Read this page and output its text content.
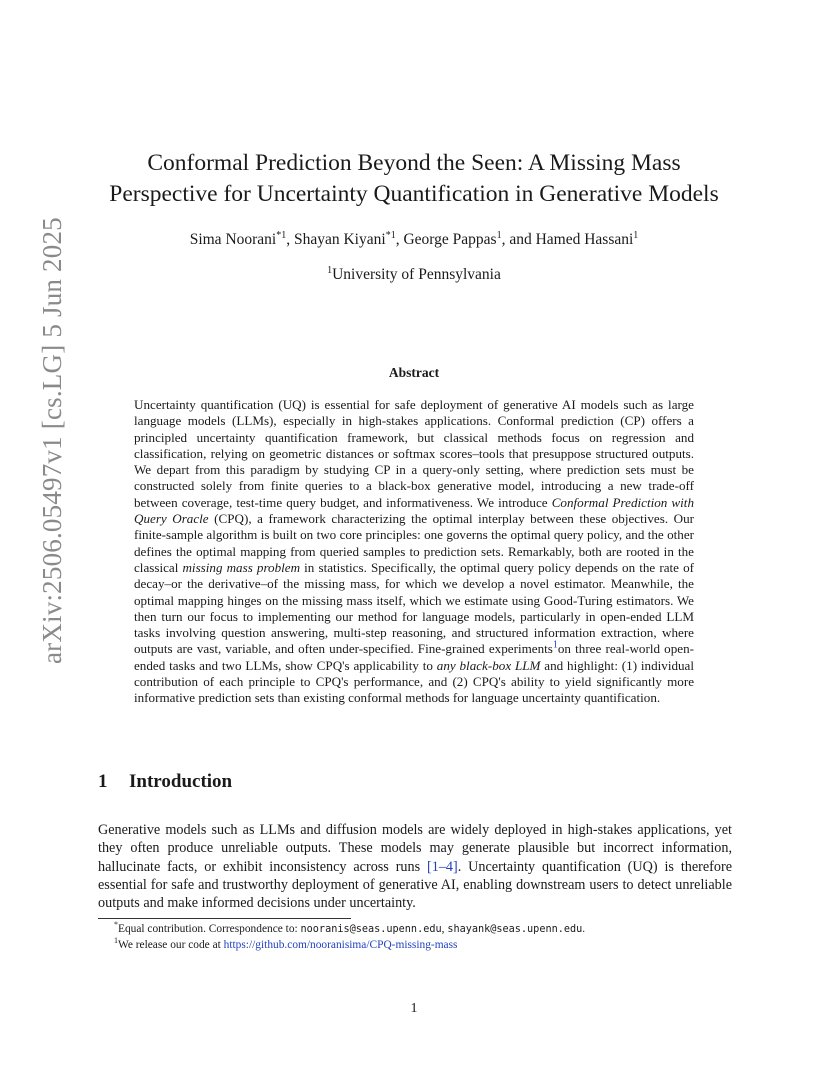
arXiv:2506.05497v1 [cs.LG] 5 Jun 2025
Conformal Prediction Beyond the Seen: A Missing Mass
Perspective for Uncertainty Quantification in Generative Models
Sima Noorani$^{*1}$, Shayan Kiyani$^{*1}$, George Pappas$^1$, and Hamed Hassani$^1$
$^1$University of Pennsylvania
Abstract
Uncertainty quantification (UQ) is essential for safe deployment of generative AI models such as large language models (LLMs), especially in high-stakes applications. Conformal prediction (CP) offers a principled uncertainty quantification framework, but classical methods focus on regression and classification, relying on geometric distances or softmax scores–tools that presuppose structured outputs. We depart from this paradigm by studying CP in a query-only setting, where prediction sets must be constructed solely from finite queries to a black-box generative model, introducing a new trade-off between coverage, test-time query budget, and informativeness. We introduce Conformal Prediction with Query Oracle (CPQ), a framework characterizing the optimal interplay between these objectives. Our finite-sample algorithm is built on two core principles: one governs the optimal query policy, and the other defines the optimal mapping from queried samples to prediction sets. Remarkably, both are rooted in the classical missing mass problem in statistics. Specifically, the optimal query policy depends on the rate of decay–or the derivative–of the missing mass, for which we develop a novel estimator. Meanwhile, the optimal mapping hinges on the missing mass itself, which we estimate using Good-Turing estimators. We then turn our focus to implementing our method for language models, particularly in open-ended LLM tasks involving question answering, multi-step reasoning, and structured information extraction, where outputs are vast, variable, and often under-specified. Fine-grained experiments$^1$on three real-world open-ended tasks and two LLMs, show CPQ's applicability to any black-box LLM and highlight: (1) individual contribution of each principle to CPQ's performance, and (2) CPQ's ability to yield significantly more informative prediction sets than existing conformal methods for language uncertainty quantification.
1 Introduction
Generative models such as LLMs and diffusion models are widely deployed in high-stakes applications, yet they often produce unreliable outputs. These models may generate plausible but incorrect information, hallucinate facts, or exhibit inconsistency across runs [1–4]. Uncertainty quantification (UQ) is therefore essential for safe and trustworthy deployment of generative AI, enabling downstream users to detect unreliable outputs and make informed decisions under uncertainty.
*Equal contribution. Correspondence to: nooranis@seas.upenn.edu, shayank@seas.upenn.edu.
$^1$We release our code at https://github.com/nooranisima/CPQ-missing-mass
1
